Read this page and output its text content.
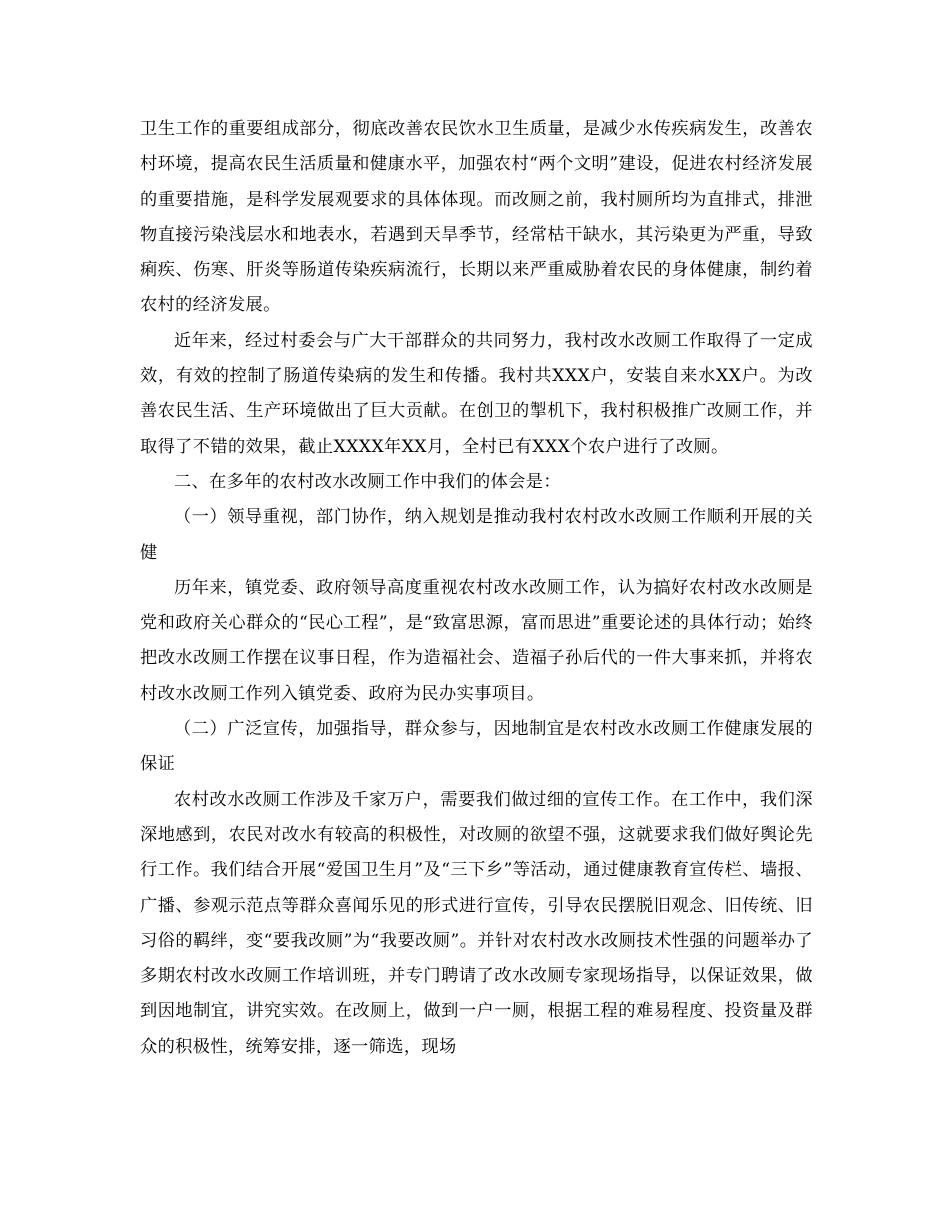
卫生工作的重要组成部分，彻底改善农民饮水卫生质量，是减少水传疾病发生，改善农村环境，提高农民生活质量和健康水平，加强农村“两个文明”建设，促进农村经济发展的重要措施，是科学发展观要求的具体体现。而改厕之前，我村厕所均为直排式，排泄物直接污染浅层水和地表水，若遇到天旱季节，经常枯干缺水，其污染更为严重，导致痢疾、伤寒、肝炎等肠道传染疾病流行，长期以来严重威胁着农民的身体健康，制约着农村的经济发展。

近年来，经过村委会与广大干部群众的共同努力，我村改水改厕工作取得了一定成效，有效的控制了肠道传染病的发生和传播。我村共XXX户，安装自来水XX户。为改善农民生活、生产环境做出了巨大贡献。在创卫的掣机下，我村积极推广改厕工作，并取得了不错的效果，截止XXXX年XX月，全村已有XXX个农户进行了改厕。

二、在多年的农村改水改厕工作中我们的体会是：

（一）领导重视，部门协作，纳入规划是推动我村农村改水改厕工作顺利开展的关健

历年来，镇党委、政府领导高度重视农村改水改厕工作，认为搞好农村改水改厕是党和政府关心群众的“民心工程”，是“致富思源，富而思进”重要论述的具体行动；始终把改水改厕工作摆在议事日程，作为造福社会、造福子孙后代的一件大事来抓，并将农村改水改厕工作列入镇党委、政府为民办实事项目。

（二）广泛宣传，加强指导，群众参与，因地制宜是农村改水改厕工作健康发展的保证

农村改水改厕工作涉及千家万户，需要我们做过细的宣传工作。在工作中，我们深深地感到，农民对改水有较高的积极性，对改厕的欲望不强，这就要求我们做好舆论先行工作。我们结合开展“爱国卫生月”及“三下乡”等活动，通过健康教育宣传栏、墙报、广播、参观示范点等群众喜闻乐见的形式进行宣传，引导农民摆脱旧观念、旧传统、旧习俗的羁绊，变“要我改厕”为“我要改厕”。并针对农村改水改厕技术性强的问题举办了多期农村改水改厕工作培训班，并专门聘请了改水改厕专家现场指导，以保证效果，做到因地制宜，讲究实效。在改厕上，做到一户一厕，根据工程的难易程度、投资量及群众的积极性，统筹安排，逐一筛选，现场
